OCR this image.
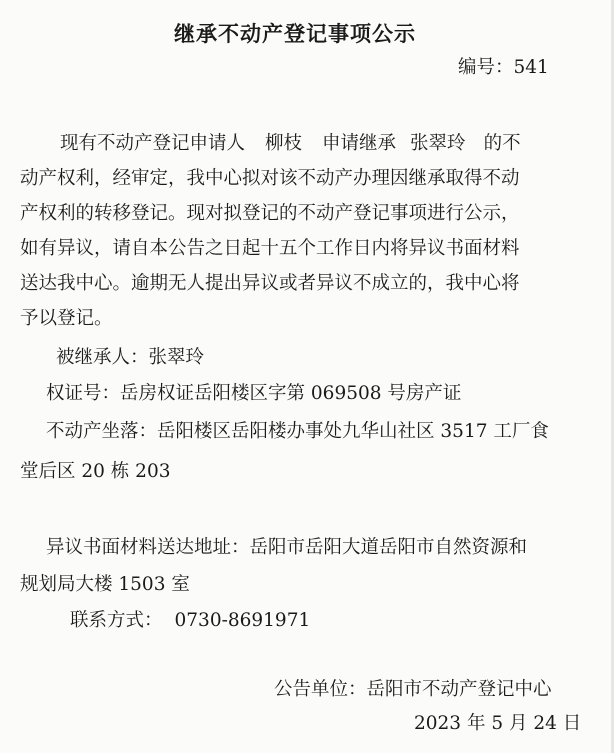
继承不动产登记事项公示
编号：541
现有不动产登记申请人 柳枝 申请继承 张翠玲 的不
动产权利，经审定，我中心拟对该不动产办理因继承取得不动
产权利的转移登记。现对拟登记的不动产登记事项进行公示，
如有异议，请自本公告之日起十五个工作日内将异议书面材料
送达我中心。逾期无人提出异议或者异议不成立的，我中心将
予以登记。
被继承人：张翠玲
权证号：岳房权证岳阳楼区字第 069508 号房产证
不动产坐落：岳阳楼区岳阳楼办事处九华山社区 3517 工厂食
堂后区 20 栋 203
异议书面材料送达地址：岳阳市岳阳大道岳阳市自然资源和
规划局大楼 1503 室
联系方式： 0730-8691971
公告单位：岳阳市不动产登记中心
2023 年 5 月 24 日
